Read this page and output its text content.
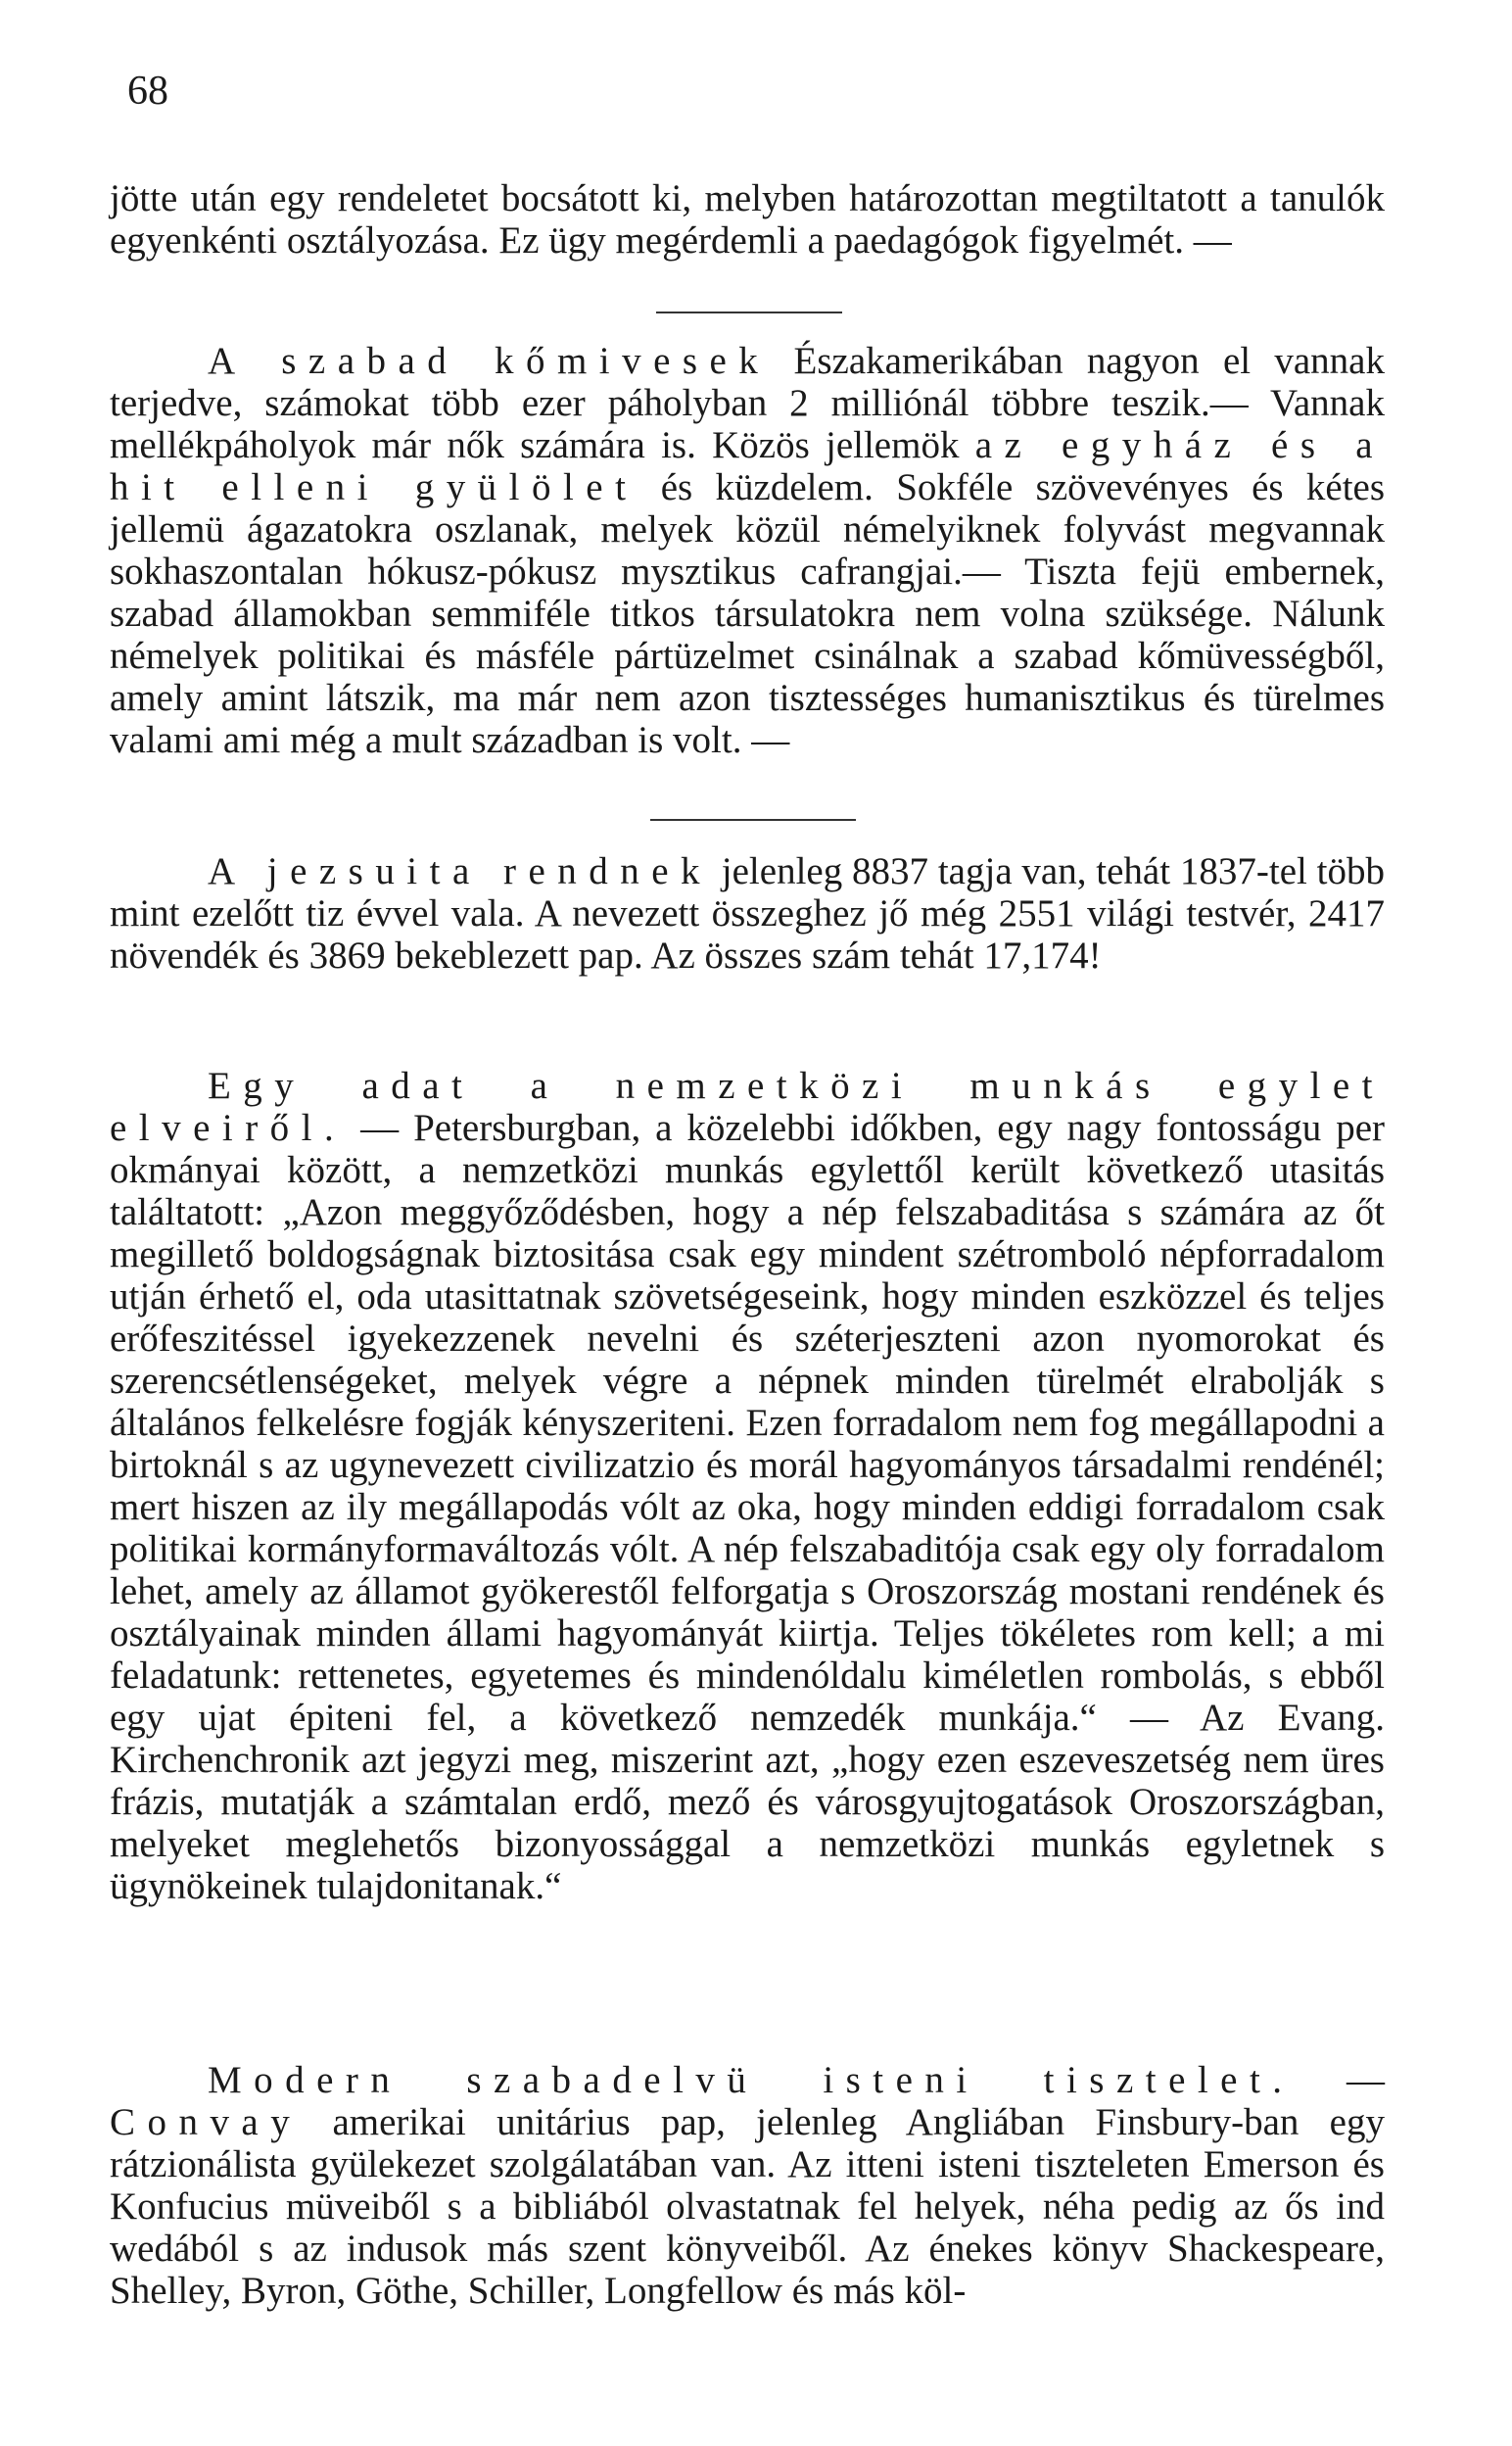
68

jötte után egy rendeletet bocsátott ki, melyben határozottan megtiltatott a tanulók egyenkénti osztályozása. Ez ügy megérdemli a paedagógok figyelmét. —

A szabad kőmivesek Északamerikában nagyon el vannak terjedve, számokat több ezer páholyban 2 milliónál többre teszik.— Vannak mellékpáholyok már nők számára is. Közös jellemök az egyház és a hit elleni gyülölet és küzdelem. Sokféle szövevényes és kétes jellemü ágazatokra oszlanak, melyek közül némelyiknek folyvást megvannak sokhaszontalan hókusz-pókusz mysztikus cafrangjai.— Tiszta fejü embernek, szabad államokban semmiféle titkos társulatokra nem volna szüksége. Nálunk némelyek politikai és másféle pártüzelmet csinálnak a szabad kőmüvességből, amely amint látszik, ma már nem azon tisztességes humanisztikus és türelmes valami ami még a mult században is volt. —

A jezsuita rendnek jelenleg 8837 tagja van, tehát 1837-tel több mint ezelőtt tiz évvel vala. A nevezett összeghez jő még 2551 világi testvér, 2417 növendék és 3869 bekeblezett pap. Az összes szám tehát 17,174!

Egy adat a nemzetközi munkás egylet elveiről. — Petersburgban, a közelebbi időkben, egy nagy fontosságu per okmányai között, a nemzetközi munkás egylettől került következő utasitás találtatott: „Azon meggyőződésben, hogy a nép felszabaditása s számára az őt megillető boldogságnak biztositása csak egy mindent szétromboló népforradalom utján érhető el, oda utasittatnak szövetségeseink, hogy minden eszközzel és teljes erőfeszitéssel igyekezzenek nevelni és széterjeszteni azon nyomorokat és szerencsétlenségeket, melyek végre a népnek minden türelmét elrabolják s általános felkelésre fogják kényszeriteni. Ezen forradalom nem fog megállapodni a birtoknál s az ugynevezett civilizatzio és morál hagyományos társadalmi rendénél; mert hiszen az ily megállapodás vólt az oka, hogy minden eddigi forradalom csak politikai kormányformaváltozás vólt. A nép felszabaditója csak egy oly forradalom lehet, amely az államot gyökerestől felforgatja s Oroszország mostani rendének és osztályainak minden állami hagyományát kiirtja. Teljes tökéletes rom kell; a mi feladatunk: rettenetes, egyetemes és mindenóldalu kiméletlen rombolás, s ebből egy ujat épiteni fel, a következő nemzedék munkája.“ — Az Evang. Kirchenchronik azt jegyzi meg, miszerint azt, „hogy ezen eszeveszetség nem üres frázis, mutatják a számtalan erdő, mező és városgyujtogatások Oroszországban, melyeket meglehetős bizonyossággal a nemzetközi munkás egyletnek s ügynökeinek tulajdonitanak.“

Modern szabadelvü isteni tisztelet. — Convay amerikai unitárius pap, jelenleg Angliában Finsbury-ban egy rátzionálista gyülekezet szolgálatában van. Az itteni isteni tiszteleten Emerson és Konfucius müveiből s a bibliából olvastatnak fel helyek, néha pedig az ős ind wedából s az indusok más szent könyveiből. Az énekes könyv Shackespeare, Shelley, Byron, Göthe, Schiller, Longfellow és más köl-
